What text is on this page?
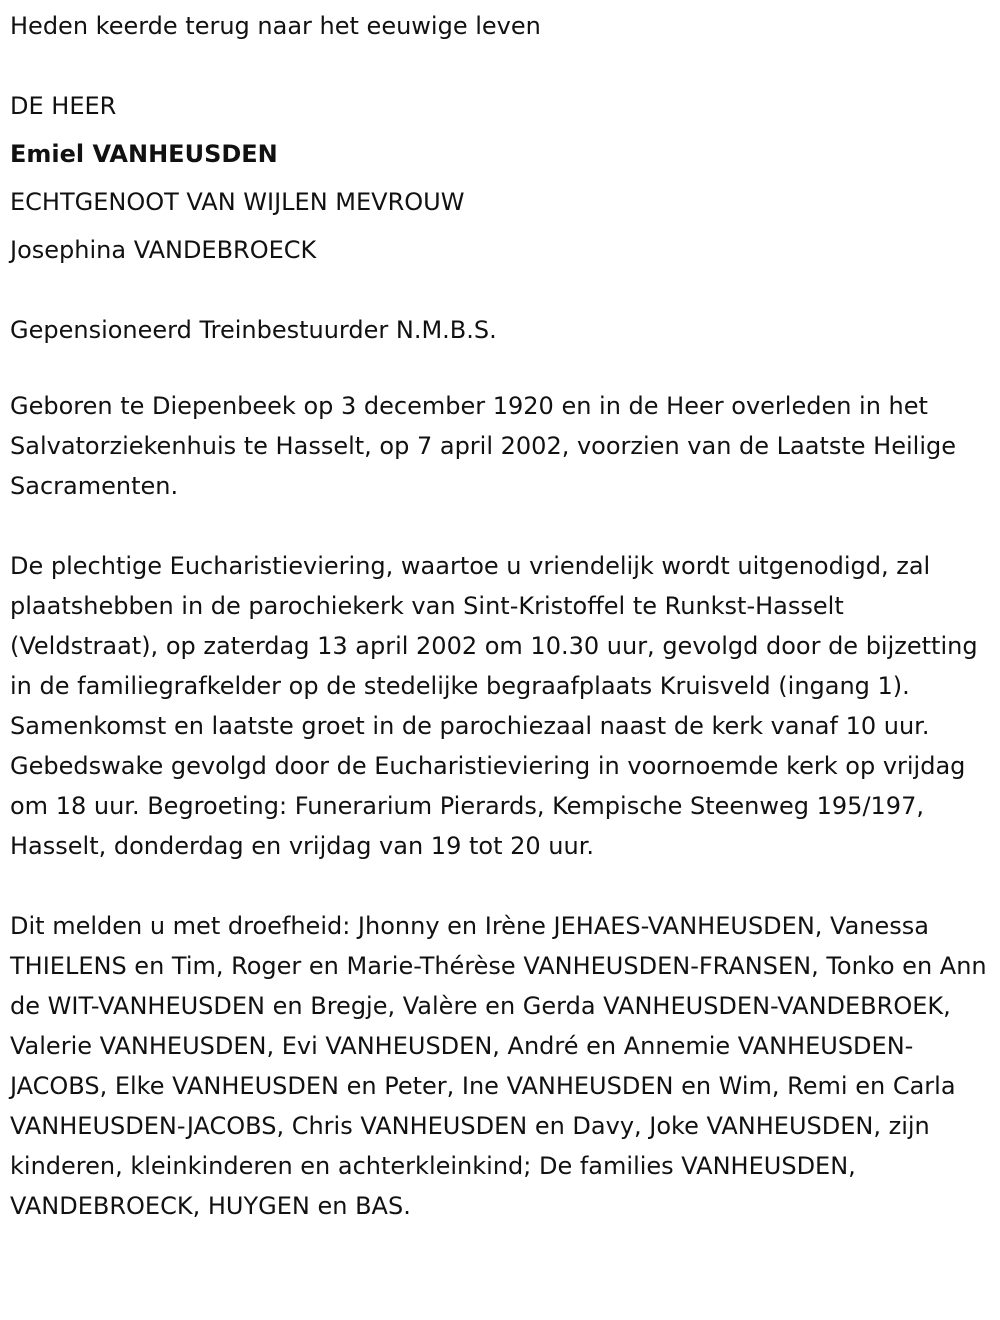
Heden keerde terug naar het eeuwige leven

DE HEER

Emiel VANHEUSDEN

ECHTGENOOT VAN WIJLEN MEVROUW

Josephina VANDEBROECK

Gepensioneerd Treinbestuurder N.M.B.S.

Geboren te Diepenbeek op 3 december 1920 en in de Heer overleden in het Salvatorziekenhuis te Hasselt, op 7 april 2002, voorzien van de Laatste Heilige Sacramenten.

De plechtige Eucharistieviering, waartoe u vriendelijk wordt uitgenodigd, zal plaatshebben in de parochiekerk van Sint-Kristoffel te Runkst-Hasselt (Veldstraat), op zaterdag 13 april 2002 om 10.30 uur, gevolgd door de bijzetting in de familiegrafkelder op de stedelijke begraafplaats Kruisveld (ingang 1). Samenkomst en laatste groet in de parochiezaal naast de kerk vanaf 10 uur. Gebedswake gevolgd door de Eucharistieviering in voornoemde kerk op vrijdag om 18 uur. Begroeting: Funerarium Pierards, Kempische Steenweg 195/197, Hasselt, donderdag en vrijdag van 19 tot 20 uur.

Dit melden u met droefheid: Jhonny en Irène JEHAES-VANHEUSDEN, Vanessa THIELENS en Tim, Roger en Marie-Thérèse VANHEUSDEN-FRANSEN, Tonko en Ann de WIT-VANHEUSDEN en Bregje, Valère en Gerda VANHEUSDEN-VANDEBROEK, Valerie VANHEUSDEN, Evi VANHEUSDEN, André en Annemie VANHEUSDEN-JACOBS, Elke VANHEUSDEN en Peter, Ine VANHEUSDEN en Wim, Remi en Carla VANHEUSDEN-JACOBS, Chris VANHEUSDEN en Davy, Joke VANHEUSDEN, zijn kinderen, kleinkinderen en achterkleinkind; De families VANHEUSDEN, VANDEBROECK, HUYGEN en BAS.
